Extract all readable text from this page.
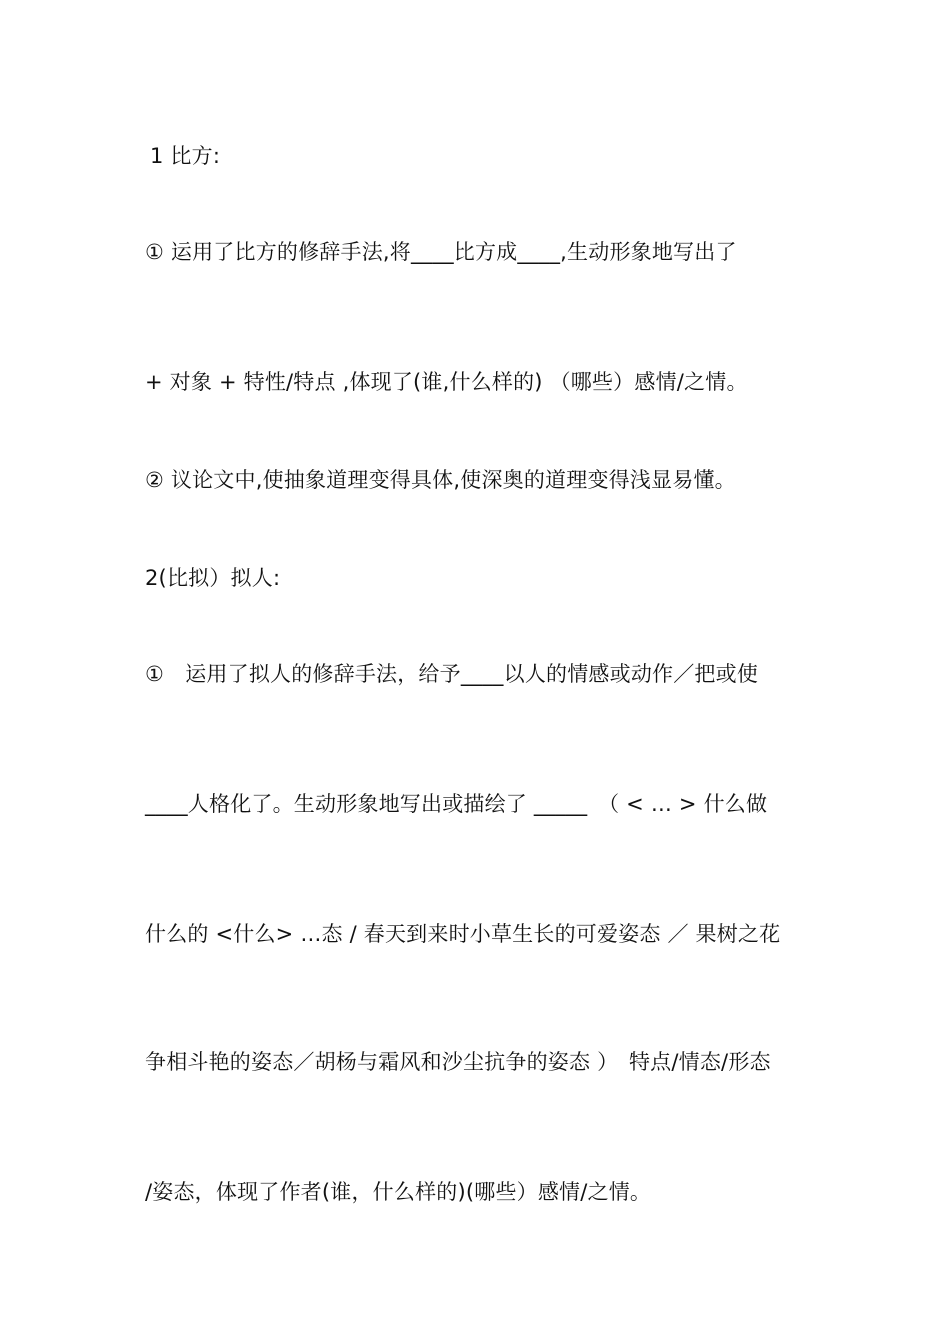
1 比方:
① 运用了比方的修辞手法,将____比方成____,生动形象地写出了
+ 对象 + 特性/特点 ,体现了(谁,什么样的) （哪些）感情/之情。
② 议论文中,使抽象道理变得具体,使深奥的道理变得浅显易懂。
2(比拟）拟人:
①　运用了拟人的修辞手法，给予____以人的情感或动作／把或使
____人格化了。生动形象地写出或描绘了 _____　（ < … > 什么做
什么的 <什么> …态 / 春天到来时小草生长的可爱姿态 ／ 果树之花
争相斗艳的姿态／胡杨与霜风和沙尘抗争的姿态 ）　特点/情态/形态
/姿态，体现了作者(谁，什么样的)(哪些）感情/之情。
